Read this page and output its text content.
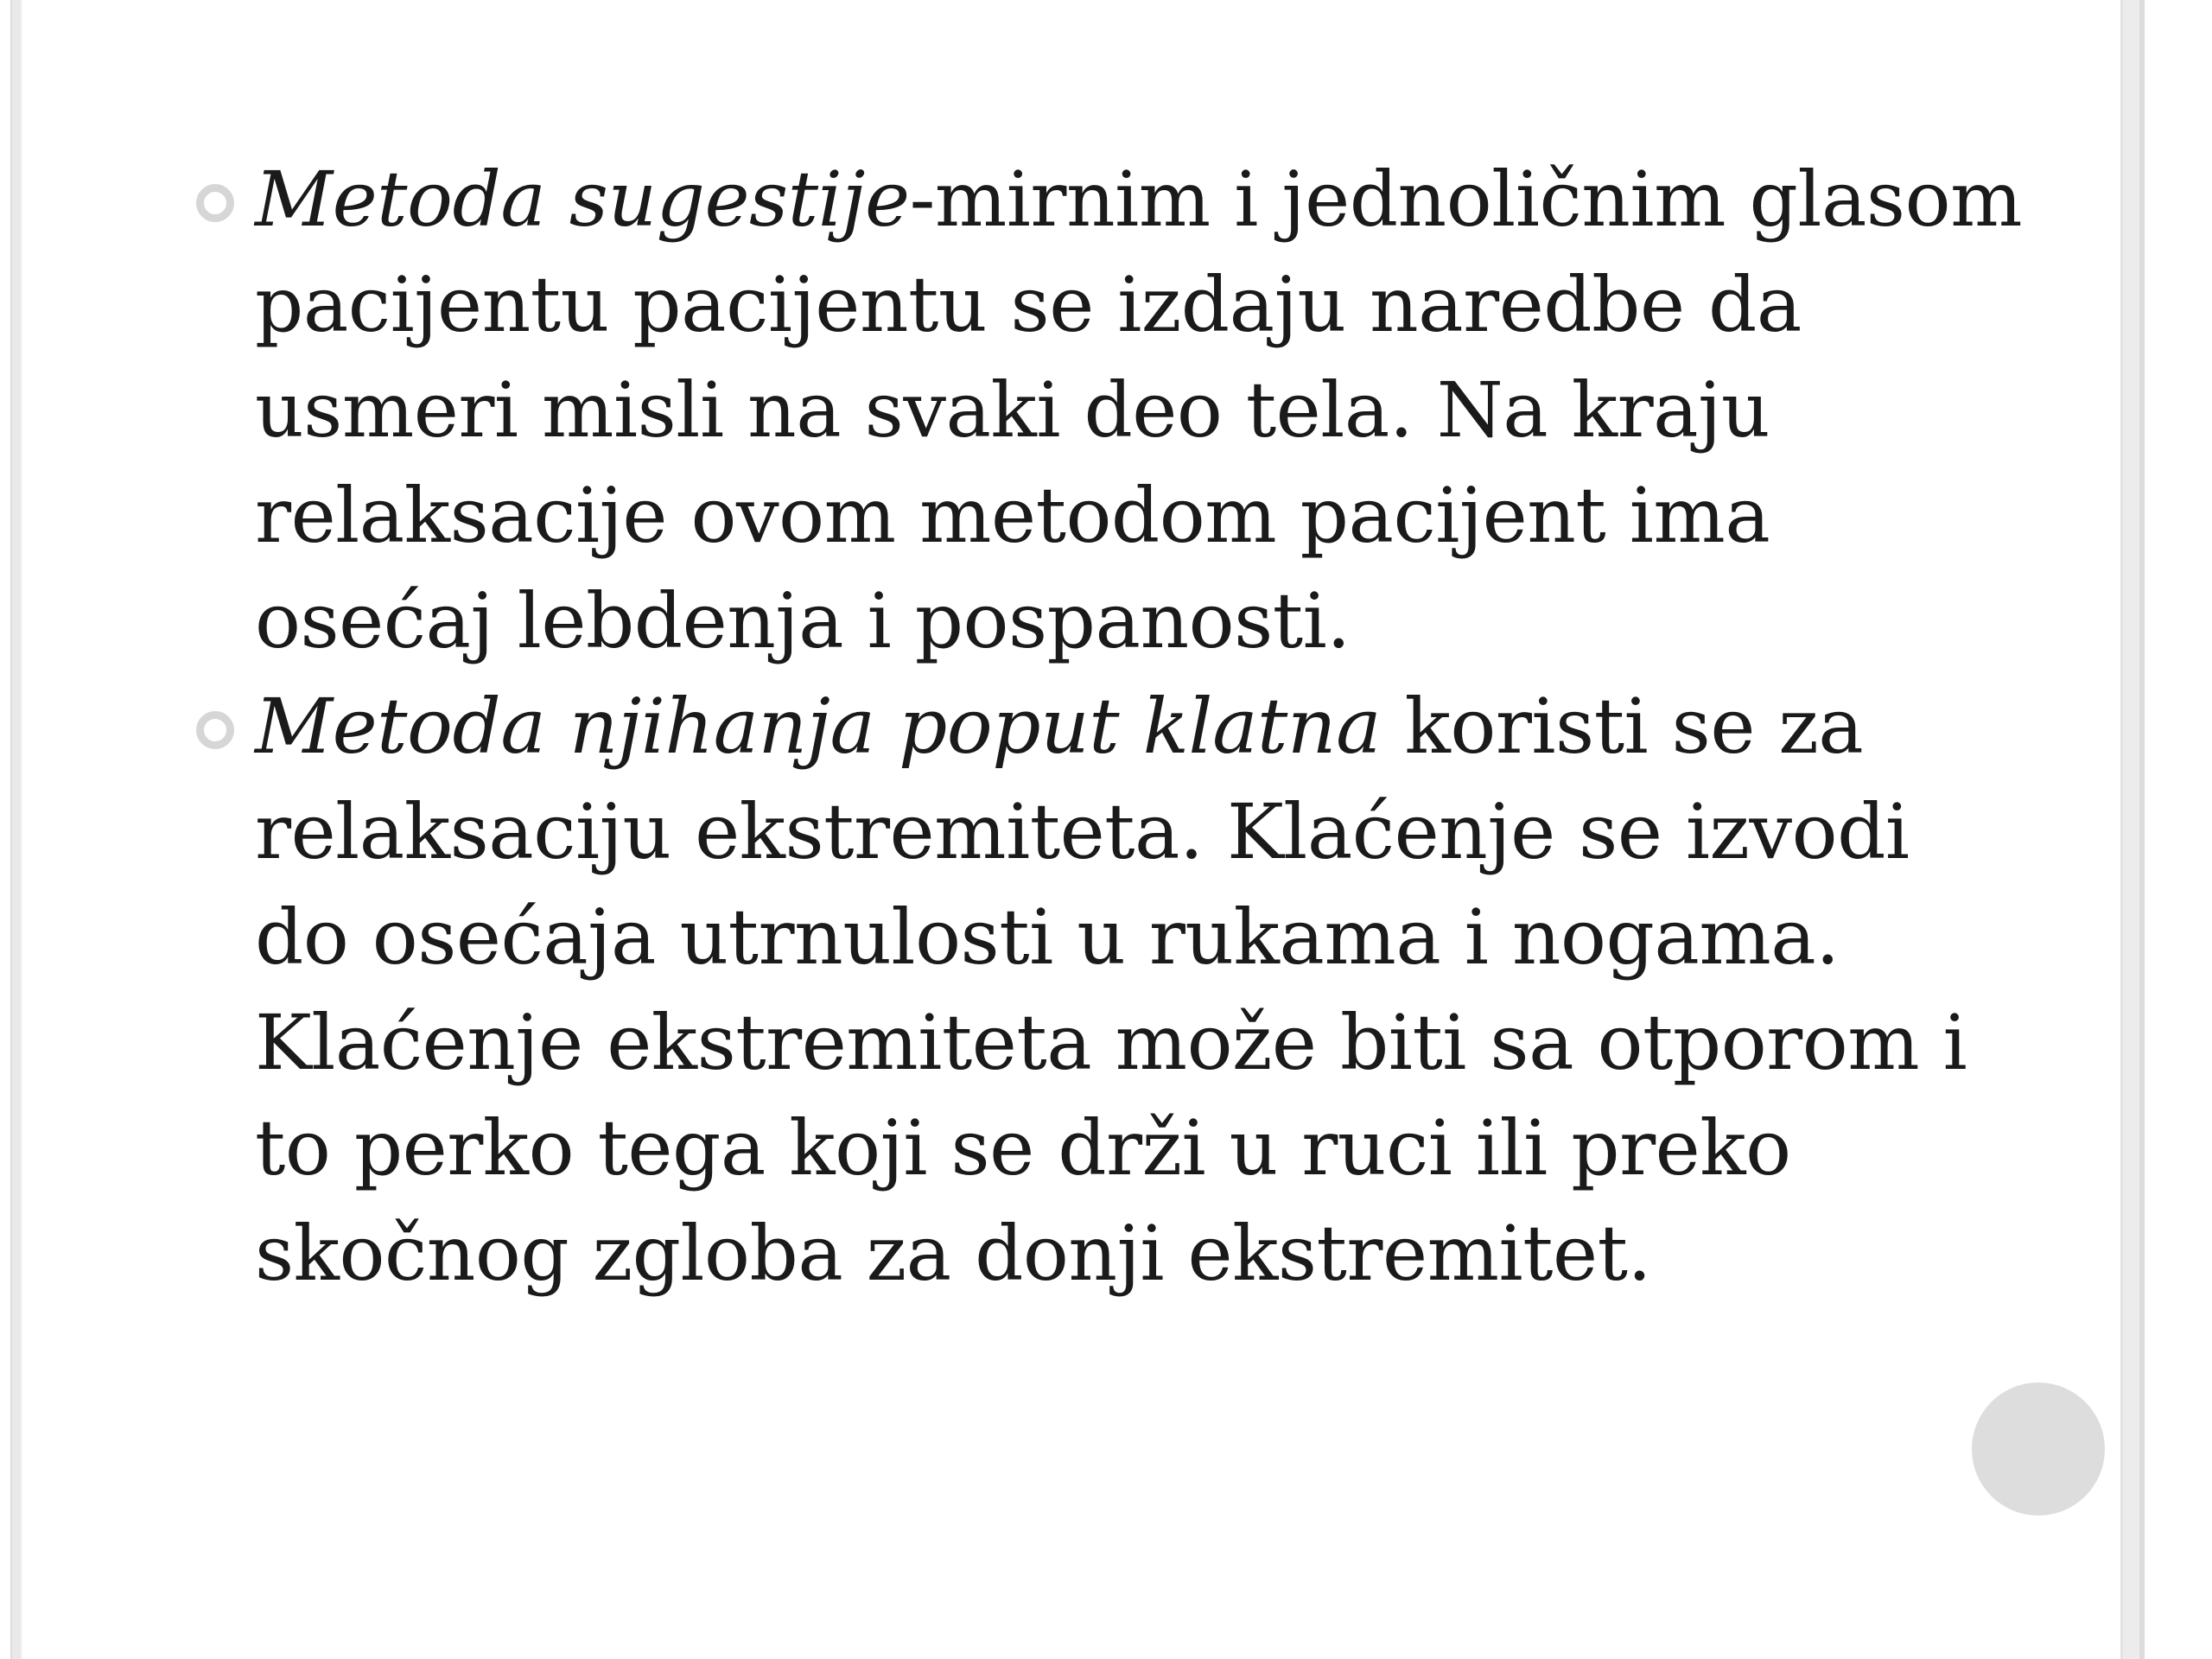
Metoda sugestije-mirnim i jednoličnim glasom pacijentu pacijentu se izdaju naredbe da usmeri misli na svaki deo tela. Na kraju relaksacije ovom metodom pacijent ima osećaj lebdenja i pospanosti.

Metoda njihanja poput klatna koristi se za relaksaciju ekstremiteta. Klaćenje se izvodi do osećaja utrnulosti u rukama i nogama. Klaćenje ekstremiteta može biti sa otporom i to perko tega koji se drži u ruci ili preko skočnog zgloba za donji ekstremitet.
